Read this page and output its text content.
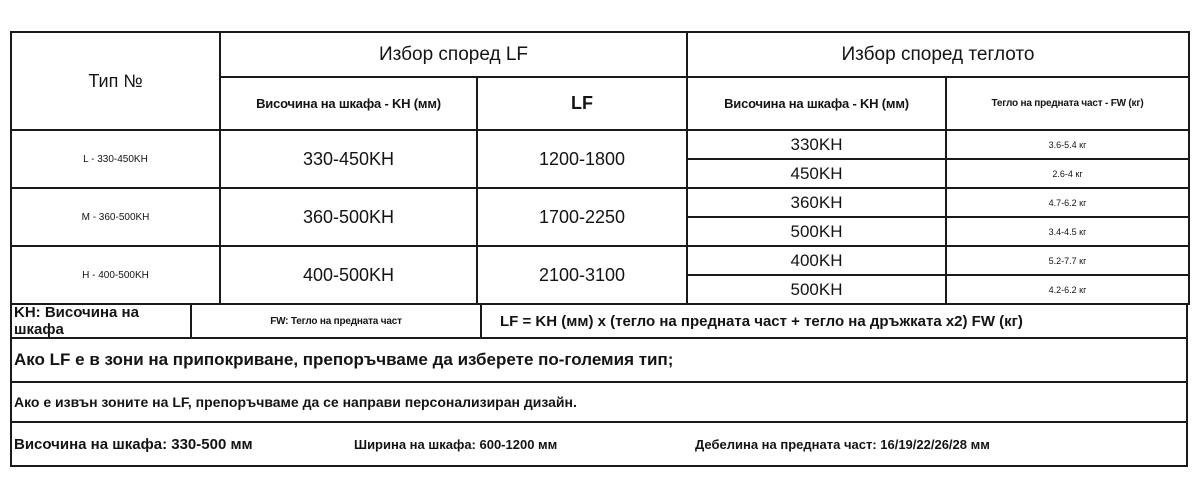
Тип №	Избор според LF		Избор според теглото	
	Височина на шкафа - KH (мм)	LF	Височина на шкафа - KH (мм)	Тегло на предната част - FW (кг)
L - 330-450KH	330-450KH	1200-1800	330KH	3.6-5.4 кг
			450KH	2.6-4 кг
M - 360-500KH	360-500KH	1700-2250	360KH	4.7-6.2 кг
			500KH	3.4-4.5 кг
H - 400-500KH	400-500KH	2100-3100	400KH	5.2-7.7 кг
			500KH	4.2-6.2 кг
KH: Височина на шкафа	FW: Тегло на предната част	LF = KH (мм) x (тегло на предната част + тегло на дръжката x2) FW (кг)
Ако LF е в зони на припокриване, препоръчваме да изберете по-големия тип;
Ако е извън зоните на LF, препоръчваме да се направи персонализиран дизайн.
Височина на шкафа: 330-500 мм	Ширина на шкафа: 600-1200 мм	Дебелина на предната част: 16/19/22/26/28 мм
